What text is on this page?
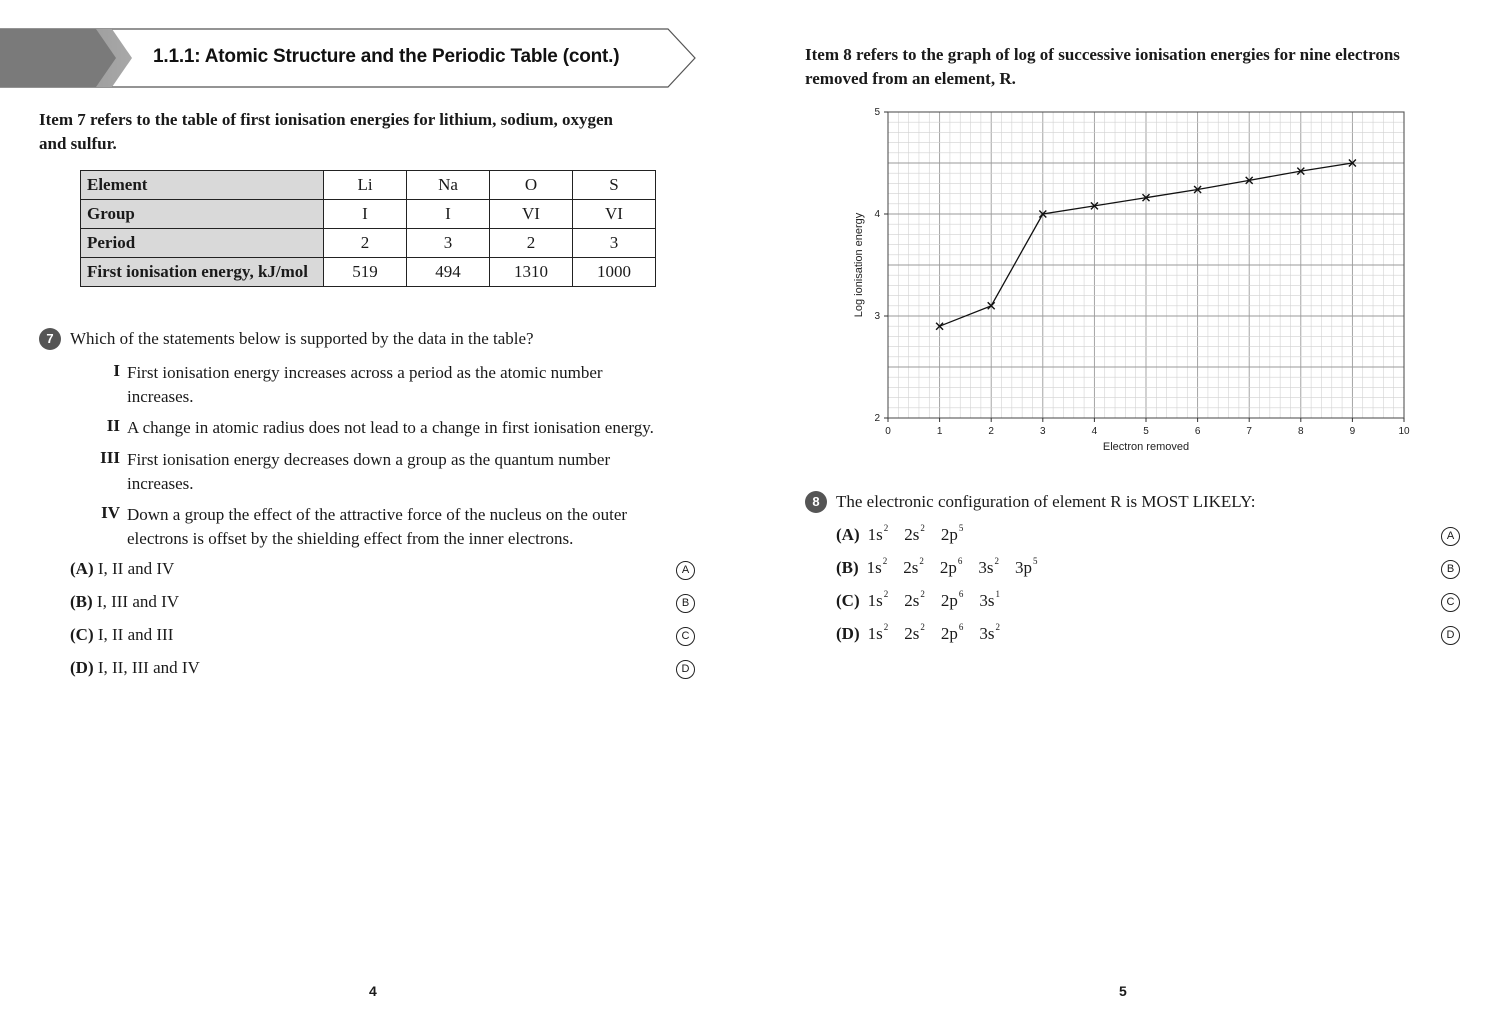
1.1.1: Atomic Structure and the Periodic Table (cont.)
Item 7 refers to the table of first ionisation energies for lithium, sodium, oxygen
and sulfur.
Element	Li	Na	O	S
Group	I	I	VI	VI
Period	2	3	2	3
First ionisation energy, kJ/mol	519	494	1310	1000
7 Which of the statements below is supported by the data in the table?
I First ionisation energy increases across a period as the atomic number
increases.
II A change in atomic radius does not lead to a change in first ionisation energy.
III First ionisation energy decreases down a group as the quantum number
increases.
IV Down a group the effect of the attractive force of the nucleus on the outer
electrons is offset by the shielding effect from the inner electrons.
(A) I, II and IV	A
(B) I, III and IV	B
(C) I, II and III	C
(D) I, II, III and IV	D
4
Item 8 refers to the graph of log of successive ionisation energies for nine electrons
removed from an element, R.
0	1	2	3	4	5	6	7	8	9	10
2
3
4
5
Electron removed
Log ionisation energy
8 The electronic configuration of element R is MOST LIKELY:
(A) $1s^2$ $2s^2$ $2p^5$
A
(B) $1s^2$ $2s^2$ $2p^6$ $3s^2$ $3p^5$
B
(C) $1s^2$ $2s^2$ $2p^6$ $3s^1$
C
(D) $1s^2$ $2s^2$ $2p^6$ $3s^2$
D
5
